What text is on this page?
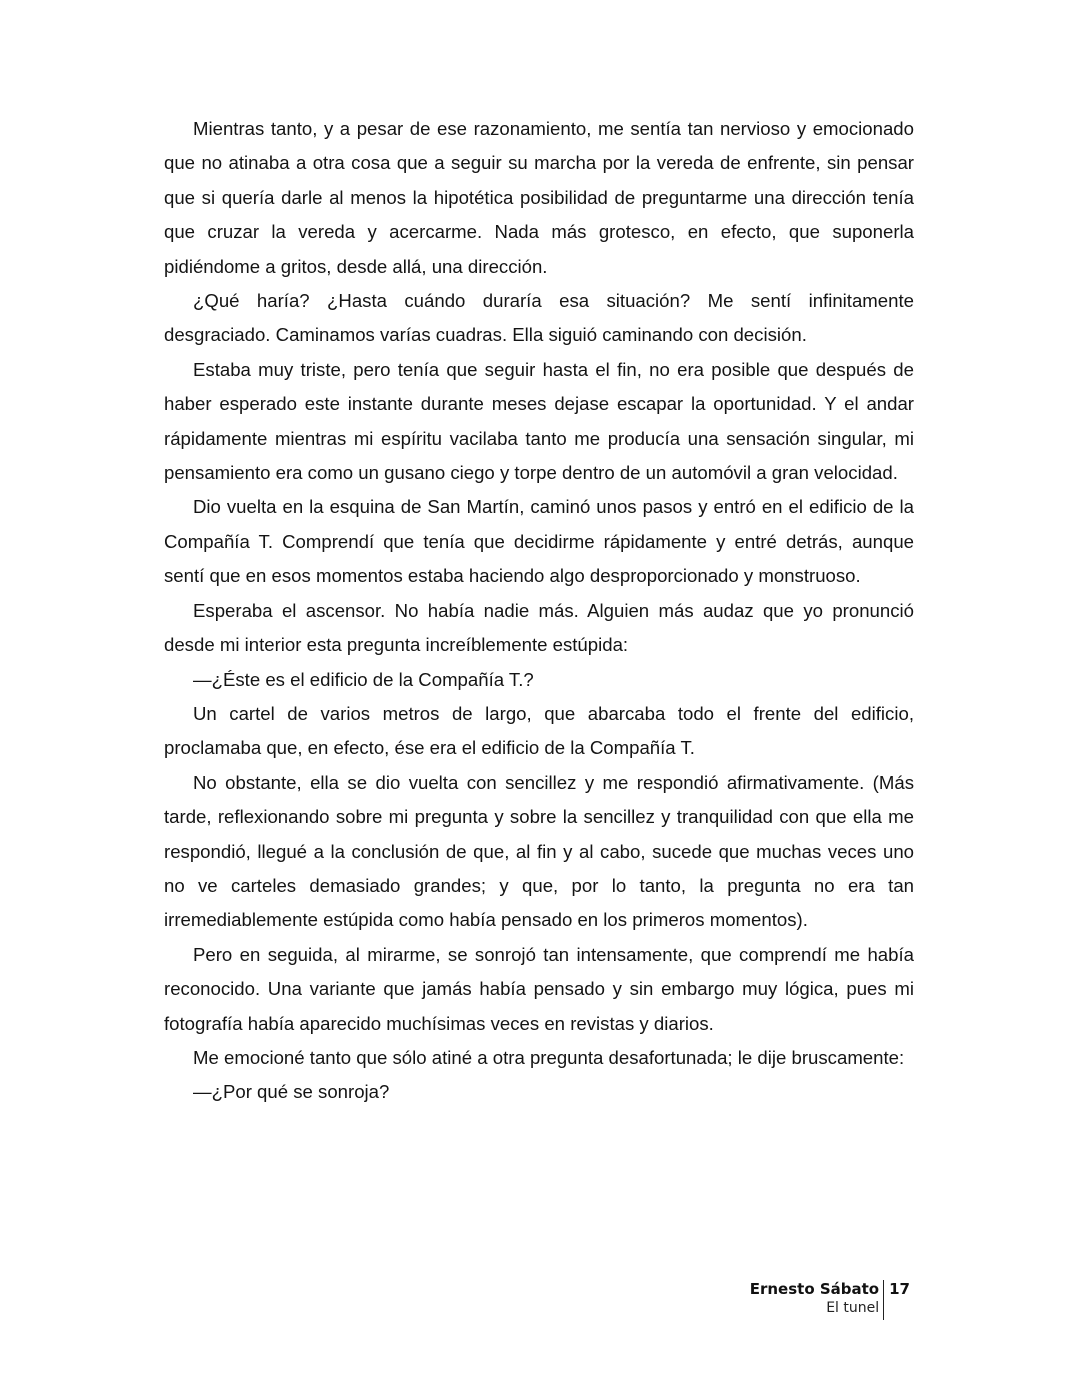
Mientras tanto, y a pesar de ese razonamiento, me sentía tan nervioso y emocionado que no atinaba a otra cosa que a seguir su marcha por la vereda de enfrente, sin pensar que si quería darle al menos la hipotética posibilidad de preguntarme una dirección tenía que cruzar la vereda y acercarme. Nada más grotesco, en efecto, que suponerla pidiéndome a gritos, desde allá, una dirección.

¿Qué haría? ¿Hasta cuándo duraría esa situación? Me sentí infinitamente desgraciado. Caminamos varías cuadras. Ella siguió caminando con decisión.

Estaba muy triste, pero tenía que seguir hasta el fin, no era posible que después de haber esperado este instante durante meses dejase escapar la oportunidad. Y el andar rápidamente mientras mi espíritu vacilaba tanto me producía una sensación singular, mi pensamiento era como un gusano ciego y torpe dentro de un automóvil a gran velocidad.

Dio vuelta en la esquina de San Martín, caminó unos pasos y entró en el edificio de la Compañía T. Comprendí que tenía que decidirme rápidamente y entré detrás, aunque sentí que en esos momentos estaba haciendo algo desproporcionado y monstruoso.

Esperaba el ascensor. No había nadie más. Alguien más audaz que yo pronunció desde mi interior esta pregunta increíblemente estúpida:

—¿Éste es el edificio de la Compañía T.?

Un cartel de varios metros de largo, que abarcaba todo el frente del edificio, proclamaba que, en efecto, ése era el edificio de la Compañía T.

No obstante, ella se dio vuelta con sencillez y me respondió afirmativamente. (Más tarde, reflexionando sobre mi pregunta y sobre la sencillez y tranquilidad con que ella me respondió, llegué a la conclusión de que, al fin y al cabo, sucede que muchas veces uno no ve carteles demasiado grandes; y que, por lo tanto, la pregunta no era tan irremediablemente estúpida como había pensado en los primeros momentos).

Pero en seguida, al mirarme, se sonrojó tan intensamente, que comprendí me había reconocido. Una variante que jamás había pensado y sin embargo muy lógica, pues mi fotografía había aparecido muchísimas veces en revistas y diarios.

Me emocioné tanto que sólo atiné a otra pregunta desafortunada; le dije bruscamente:

—¿Por qué se sonroja?

Ernesto Sábato
El tunel
17
